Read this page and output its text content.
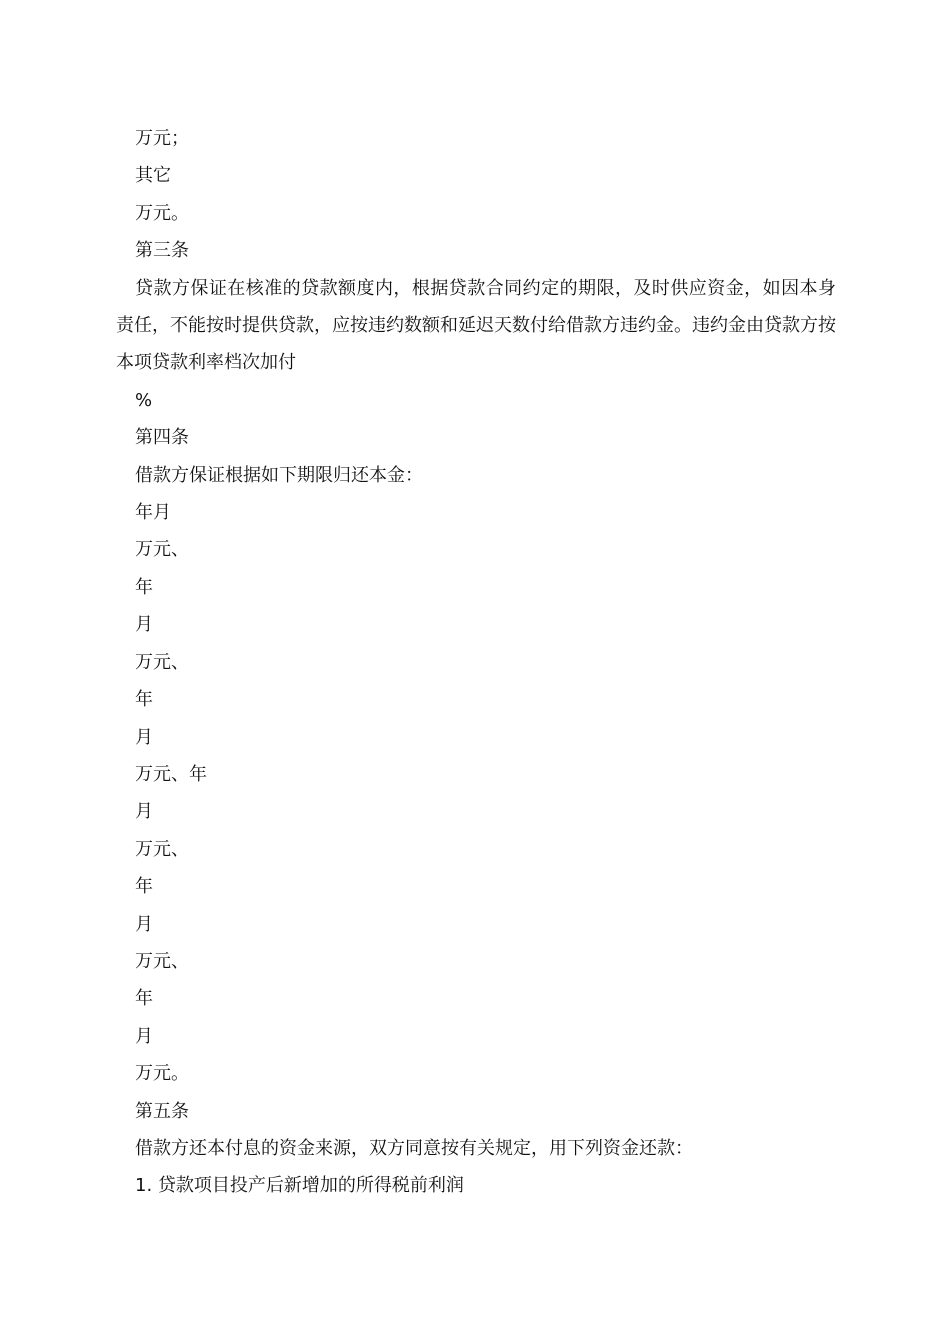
万元；
其它
万元。
第三条
贷款方保证在核准的贷款额度内，根据贷款合同约定的期限，及时供应资金，如因本身责任，不能按时提供贷款，应按违约数额和延迟天数付给借款方违约金。违约金由贷款方按本项贷款利率档次加付
%
第四条
借款方保证根据如下期限归还本金：
年月
万元、
年
月
万元、
年
月
万元、年
月
万元、
年
月
万元、
年
月
万元。
第五条
借款方还本付息的资金来源，双方同意按有关规定，用下列资金还款：
1. 贷款项目投产后新增加的所得税前利润
